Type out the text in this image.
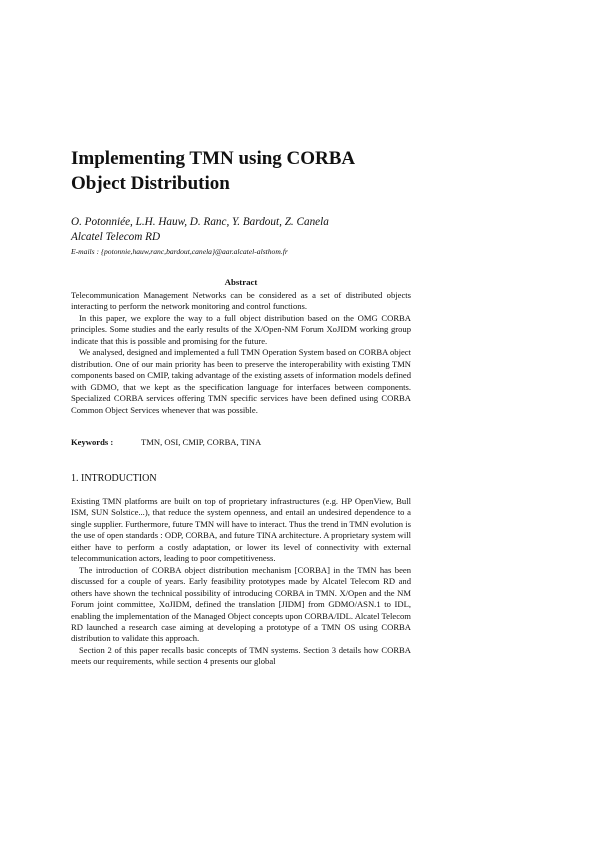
Implementing TMN using CORBA
Object Distribution
O. Potonniée, L.H. Hauw, D. Ranc, Y. Bardout, Z. Canela
Alcatel Telecom RD
E-mails : {potonnie,hauw,ranc,bardout,canela}@aar.alcatel-alsthom.fr
Abstract

Telecommunication Management Networks can be considered as a set of distributed objects interacting to perform the network monitoring and control functions.

In this paper, we explore the way to a full object distribution based on the OMG CORBA principles. Some studies and the early results of the X/Open-NM Forum XoJIDM working group indicate that this is possible and promising for the future.

We analysed, designed and implemented a full TMN Operation System based on CORBA object distribution. One of our main priority has been to preserve the interoperability with existing TMN components based on CMIP, taking advantage of the existing assets of information models defined with GDMO, that we kept as the specification language for interfaces between components. Specialized CORBA services offering TMN specific services have been defined using CORBA Common Object Services whenever that was possible.

Keywords :	TMN, OSI, CMIP, CORBA, TINA
1. INTRODUCTION

Existing TMN platforms are built on top of proprietary infrastructures (e.g. HP OpenView, Bull ISM, SUN Solstice...), that reduce the system openness, and entail an undesired dependence to a single supplier. Furthermore, future TMN will have to interact. Thus the trend in TMN evolution is the use of open standards : ODP, CORBA, and future TINA architecture. A proprietary system will either have to perform a costly adaptation, or lower its level of connectivity with external telecommunication actors, leading to poor competitiveness.

The introduction of CORBA object distribution mechanism [CORBA] in the TMN has been discussed for a couple of years. Early feasibility prototypes made by Alcatel Telecom RD and others have shown the technical possibility of introducing CORBA in TMN. X/Open and the NM Forum joint committee, XoJIDM, defined the translation [JIDM] from GDMO/ASN.1 to IDL, enabling the implementation of the Managed Object concepts upon CORBA/IDL. Alcatel Telecom RD launched a research case aiming at developing a prototype of a TMN OS using CORBA distribution to validate this approach.

Section 2 of this paper recalls basic concepts of TMN systems. Section 3 details how CORBA meets our requirements, while section 4 presents our global
